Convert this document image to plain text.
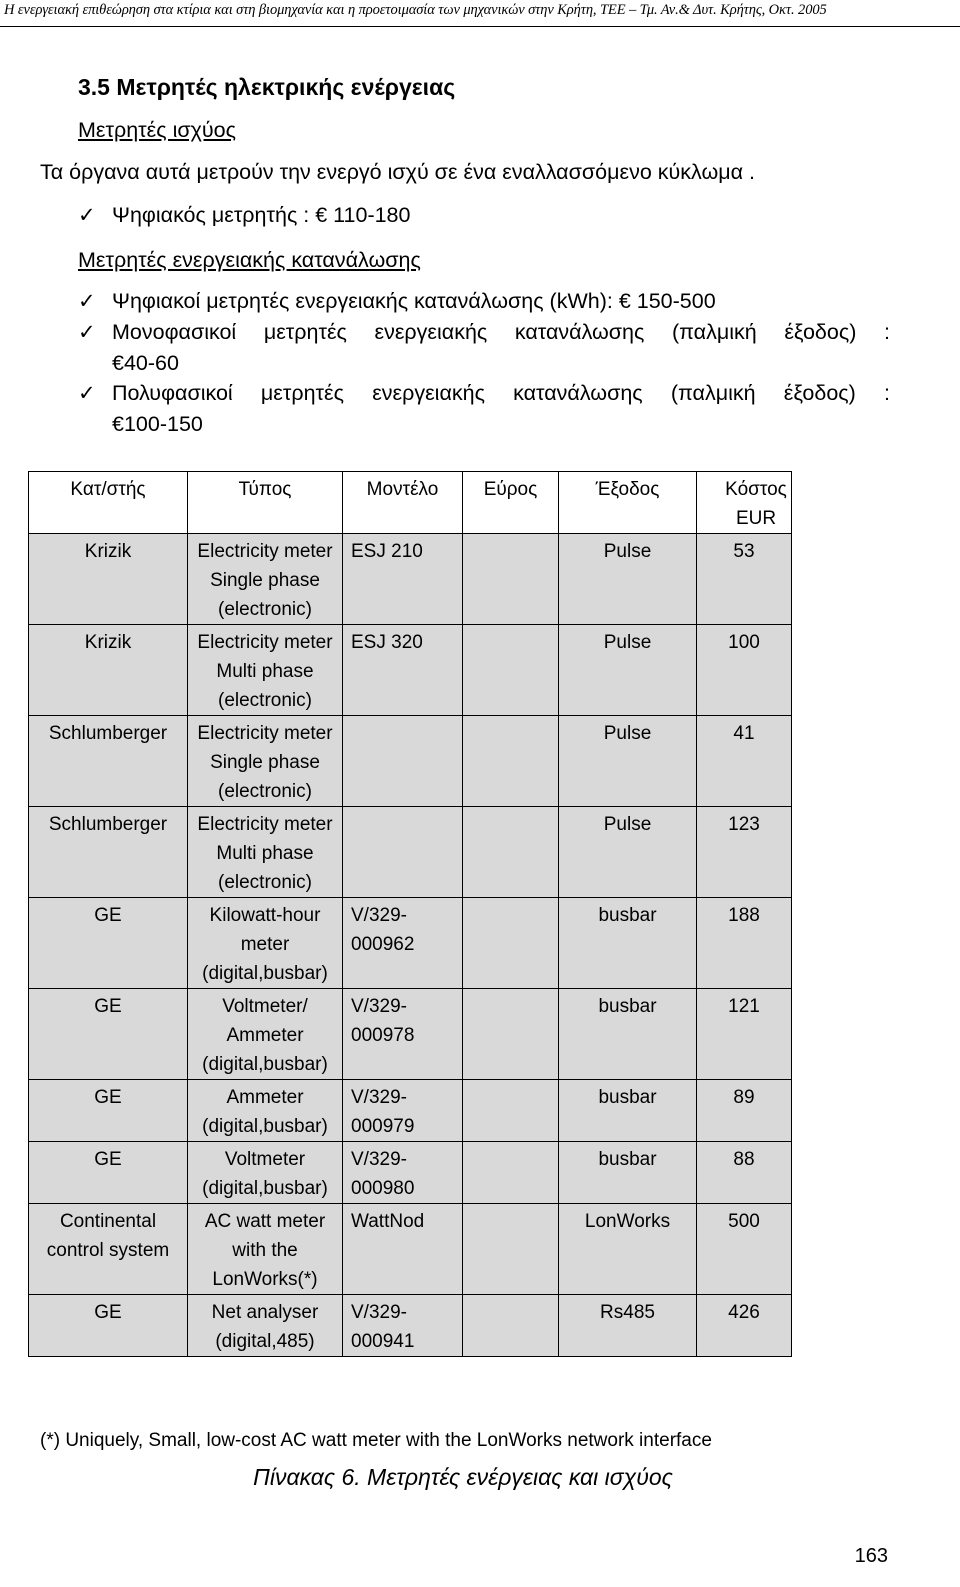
Η ενεργειακή επιθεώρηση στα κτίρια και στη βιομηχανία και η προετοιμασία των μηχανικών στην Κρήτη, ΤΕΕ – Τμ. Αν.& Δυτ. Κρήτης, Οκτ. 2005
3.5 Μετρητές ηλεκτρικής ενέργειας
Μετρητές ισχύος
Τα όργανα αυτά μετρούν την ενεργό ισχύ σε ένα εναλλασσόμενο κύκλωμα .
✓ Ψηφιακός μετρητής : € 110-180
Μετρητές ενεργειακής κατανάλωσης
✓ Ψηφιακοί μετρητές ενεργειακής κατανάλωσης (kWh): € 150-500
✓ Μονοφασικοί μετρητές ενεργειακής κατανάλωσης (παλμική έξοδος) :
€40-60
✓ Πολυφασικοί μετρητές ενεργειακής κατανάλωσης (παλμική έξοδος) :
€100-150
Κατ/στής	Τύπος	Μοντέλο	Εύρος	Έξοδος	Κόστος EUR
Krizik	Electricity meter Single phase (electronic)	ESJ 210		Pulse	53
Krizik	Electricity meter Multi phase (electronic)	ESJ 320		Pulse	100
Schlumberger	Electricity meter Single phase (electronic)			Pulse	41
Schlumberger	Electricity meter Multi phase (electronic)			Pulse	123
GE	Kilowatt-hour meter (digital,busbar)	V/329-000962		busbar	188
GE	Voltmeter/ Ammeter (digital,busbar)	V/329-000978		busbar	121
GE	Ammeter (digital,busbar)	V/329-000979		busbar	89
GE	Voltmeter (digital,busbar)	V/329-000980		busbar	88
Continental control system	AC watt meter with the LonWorks(*)	WattNod		LonWorks	500
GE	Net analyser (digital,485)	V/329-000941		Rs485	426
(*) Uniquely, Small, low-cost AC watt meter with the LonWorks network interface
Πίνακας 6. Μετρητές ενέργειας και ισχύος
163
